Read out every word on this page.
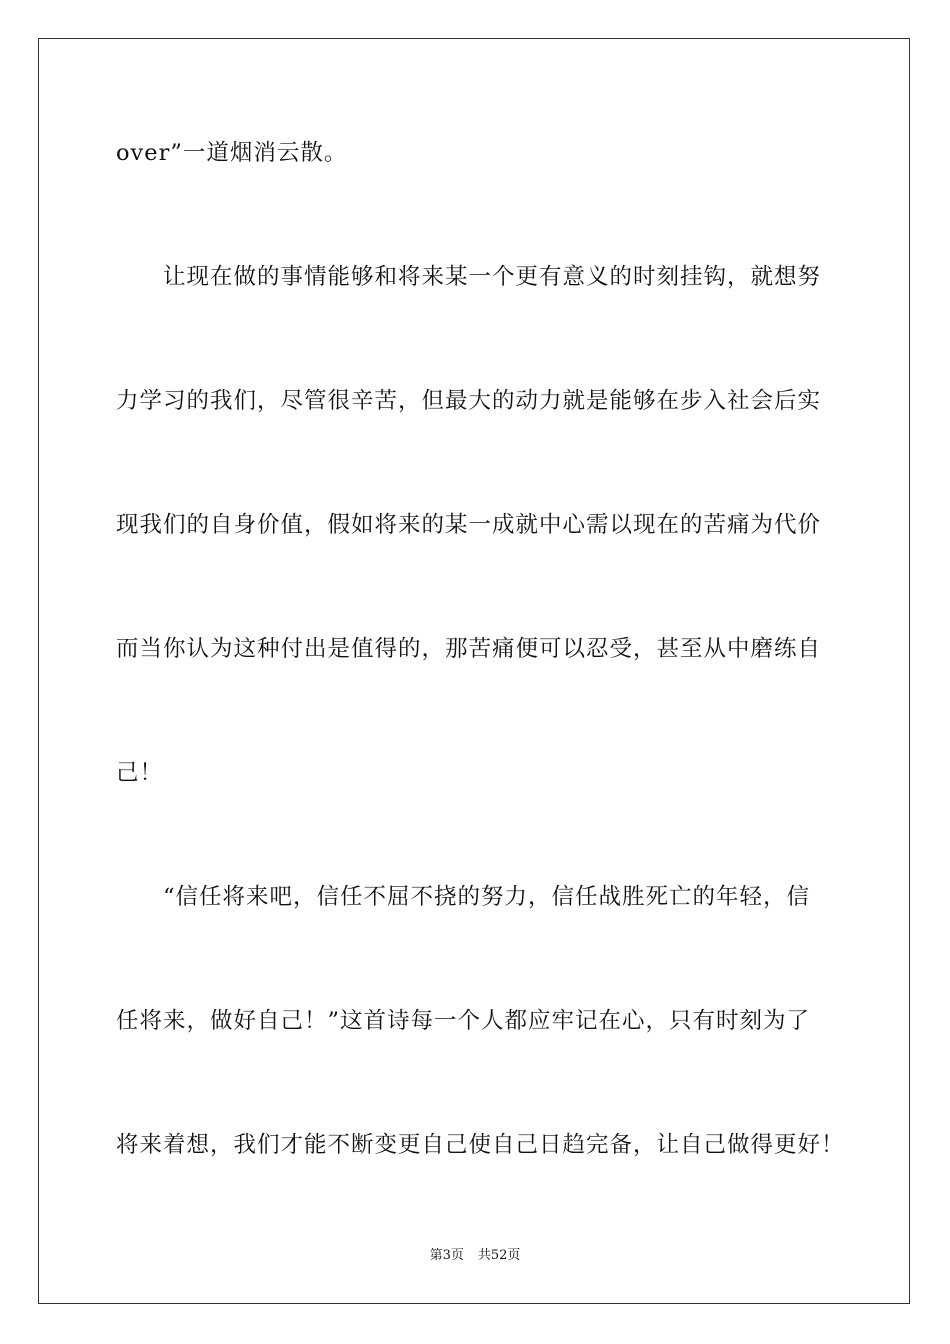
over”一道烟消云散。
　　让现在做的事情能够和将来某一个更有意义的时刻挂钩，就想努
力学习的我们，尽管很辛苦，但最大的动力就是能够在步入社会后实
现我们的自身价值，假如将来的某一成就中心需以现在的苦痛为代价
而当你认为这种付出是值得的，那苦痛便可以忍受，甚至从中磨练自
己！
　　“信任将来吧，信任不屈不挠的努力，信任战胜死亡的年轻，信
任将来，做好自己！”这首诗每一个人都应牢记在心，只有时刻为了
将来着想，我们才能不断变更自己使自己日趋完备，让自己做得更好！
第3页 共52页
